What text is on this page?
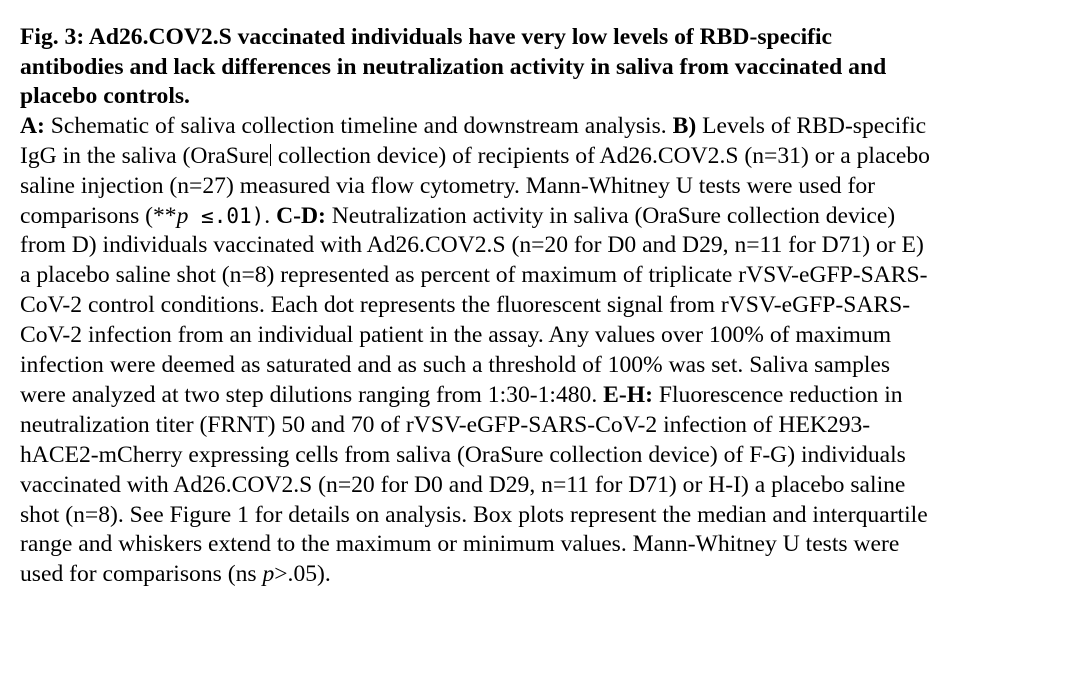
Fig. 3: Ad26.COV2.S vaccinated individuals have very low levels of RBD-specific
antibodies and lack differences in neutralization activity in saliva from vaccinated and
placebo controls.
A: Schematic of saliva collection timeline and downstream analysis. B) Levels of RBD-specific
IgG in the saliva (OraSure collection device) of recipients of Ad26.COV2.S (n=31) or a placebo
saline injection (n=27) measured via flow cytometry. Mann-Whitney U tests were used for
comparisons (**p ≤.01). C-D: Neutralization activity in saliva (OraSure collection device)
from D) individuals vaccinated with Ad26.COV2.S (n=20 for D0 and D29, n=11 for D71) or E)
a placebo saline shot (n=8) represented as percent of maximum of triplicate rVSV-eGFP-SARS-
CoV-2 control conditions. Each dot represents the fluorescent signal from rVSV-eGFP-SARS-
CoV-2 infection from an individual patient in the assay. Any values over 100% of maximum
infection were deemed as saturated and as such a threshold of 100% was set. Saliva samples
were analyzed at two step dilutions ranging from 1:30-1:480. E-H: Fluorescence reduction in
neutralization titer (FRNT) 50 and 70 of rVSV-eGFP-SARS-CoV-2 infection of HEK293-
hACE2-mCherry expressing cells from saliva (OraSure collection device) of F-G) individuals
vaccinated with Ad26.COV2.S (n=20 for D0 and D29, n=11 for D71) or H-I) a placebo saline
shot (n=8). See Figure 1 for details on analysis. Box plots represent the median and interquartile
range and whiskers extend to the maximum or minimum values. Mann-Whitney U tests were
used for comparisons (ns p>.05).
